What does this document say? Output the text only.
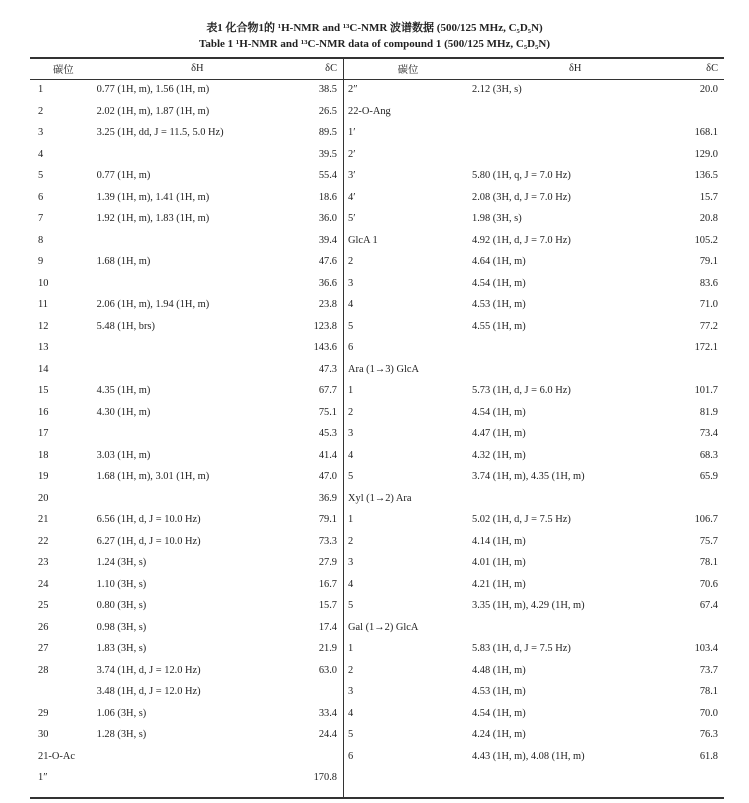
表1 化合物1的 ¹H-NMR and ¹³C-NMR 波谱数据 (500/125 MHz, C₅D₅N)
Table 1 ¹H-NMR and ¹³C-NMR data of compound 1 (500/125 MHz, C₅D₅N)
碳位	δH	δC
1	0.77 (1H, m), 1.56 (1H, m)	38.5
2	2.02 (1H, m), 1.87 (1H, m)	26.5
3	3.25 (1H, dd, J = 11.5, 5.0 Hz)	89.5
4		39.5
5	0.77 (1H, m)	55.4
6	1.39 (1H, m), 1.41 (1H, m)	18.6
7	1.92 (1H, m), 1.83 (1H, m)	36.0
8		39.4
9	1.68 (1H, m)	47.6
10		36.6
11	2.06 (1H, m), 1.94 (1H, m)	23.8
12	5.48 (1H, brs)	123.8
13		143.6
14		47.3
15	4.35 (1H, m)	67.7
16	4.30 (1H, m)	75.1
17		45.3
18	3.03 (1H, m)	41.4
19	1.68 (1H, m), 3.01 (1H, m)	47.0
20		36.9
21	6.56 (1H, d, J = 10.0 Hz)	79.1
22	6.27 (1H, d, J = 10.0 Hz)	73.3
23	1.24 (3H, s)	27.9
24	1.10 (3H, s)	16.7
25	0.80 (3H, s)	15.7
26	0.98 (3H, s)	17.4
27	1.83 (3H, s)	21.9
28	3.74 (1H, d, J = 12.0 Hz)	63.0
	3.48 (1H, d, J = 12.0 Hz)	
29	1.06 (3H, s)	33.4
30	1.28 (3H, s)	24.4
21-O-Ac		
1″		170.8
碳位	δH	δC
2″	2.12 (3H, s)	20.0
22-O-Ang		
1′		168.1
2′		129.0
3′	5.80 (1H, q, J = 7.0 Hz)	136.5
4′	2.08 (3H, d, J = 7.0 Hz)	15.7
5′	1.98 (3H, s)	20.8
GlcA 1	4.92 (1H, d, J = 7.0 Hz)	105.2
2	4.64 (1H, m)	79.1
3	4.54 (1H, m)	83.6
4	4.53 (1H, m)	71.0
5	4.55 (1H, m)	77.2
6		172.1
Ara (1→3) GlcA		
1	5.73 (1H, d, J = 6.0 Hz)	101.7
2	4.54 (1H, m)	81.9
3	4.47 (1H, m)	73.4
4	4.32 (1H, m)	68.3
5	3.74 (1H, m), 4.35 (1H, m)	65.9
Xyl (1→2) Ara		
1	5.02 (1H, d, J = 7.5 Hz)	106.7
2	4.14 (1H, m)	75.7
3	4.01 (1H, m)	78.1
4	4.21 (1H, m)	70.6
5	3.35 (1H, m), 4.29 (1H, m)	67.4
Gal (1→2) GlcA		
1	5.83 (1H, d, J = 7.5 Hz)	103.4
2	4.48 (1H, m)	73.7
3	4.53 (1H, m)	78.1
4	4.54 (1H, m)	70.0
5	4.24 (1H, m)	76.3
6	4.43 (1H, m), 4.08 (1H, m)	61.8
